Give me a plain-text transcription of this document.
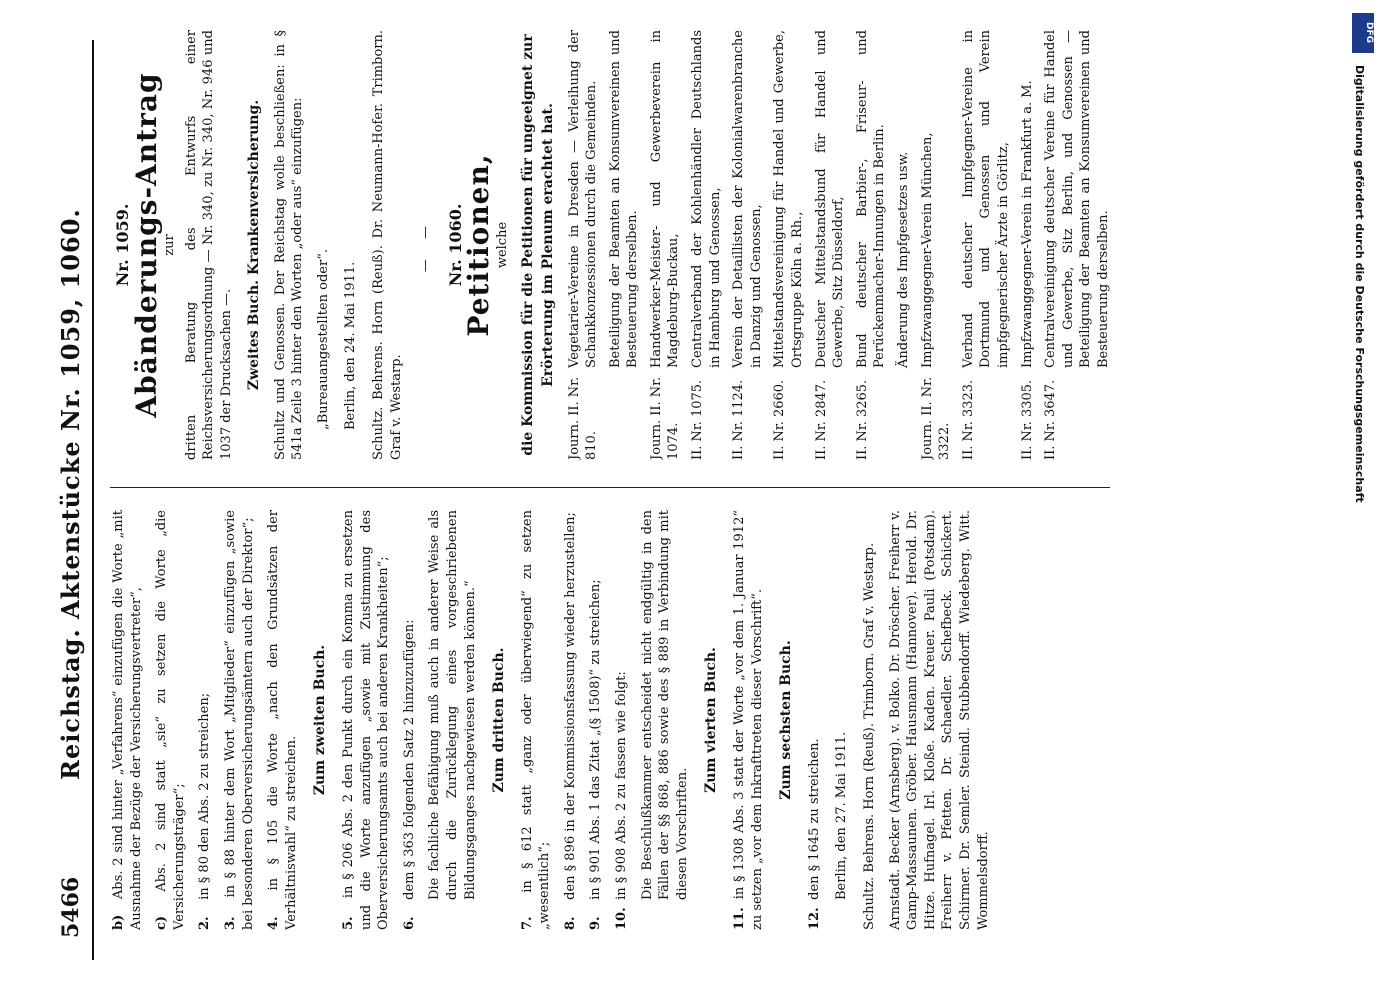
5466
Reichstag. Aktenstücke Nr. 1059, 1060.
b) Abs. 2 sind hinter „Verfahrens“ einzufügen die Worte „mit Ausnahme der Bezüge der Versicherungsvertreter“, c) Abs. 2 sind statt „sie“ zu setzen die Worte „die Versicherungsträger“; 2. in § 80 den Abs. 2 zu streichen;
3. in § 88 hinter dem Wort „Mitglieder“ einzufügen „sowie bei besonderen Oberversicherungsämtern auch der Direktor“; 4. in § 105 die Worte „nach den Grundsätzen der Verhältniswahl“ zu streichen.
Zum zweiten Buch.
5. in § 206 Abs. 2 den Punkt durch ein Komma zu ersetzen und die Worte anzufügen „sowie mit Zustimmung des Oberversicherungsamts auch bei anderen Krankheiten“; 6. dem § 363 folgenden Satz 2 hinzuzufügen: Die fachliche Befähigung muß auch in anderer Weise als durch die Zurücklegung eines vorgeschriebenen Bildungsganges nachgewiesen werden können.“ Zum dritten Buch.
7. in § 612 statt „ganz oder überwiegend“ zu setzen „wesentlich“; 8. den § 896 in der Kommissionsfassung wieder herzustellen;
9. in § 901 Abs. 1 das Zitat „(§ 1508)“ zu streichen;
10. in § 908 Abs. 2 zu fassen wie folgt: Die Beschlußkammer entscheidet nicht endgültig in den Fällen der §§ 868, 886 sowie des § 889 in Verbindung mit diesen Vorschriften.
Zum vierten Buch.
11. in § 1308 Abs. 3 statt der Worte „vor dem 1. Januar 1912“ zu setzen „vor dem Inkrafttreten dieser Vorschrift“. Zum sechsten Buch.
12. den § 1645 zu streichen. Berlin, den 27. Mai 1911. Schultz. Behrens. Horn (Reuß). Trimborn. Graf v. Westarp. Arnstadt. Becker (Arnsberg). v. Bolko. Dr. Dröscher. Freiherr v. Gamp-Massaunen. Gröber. Hausmann (Hannover). Herold. Dr. Hitze. Hufnagel. Irl. Kloße. Kaden. Kreuer. Pauli (Potsdam). Freiherr v. Pfetten. Dr. Schaedler. Schefbeck. Schickert. Schirmer. Dr. Semler. Steindl. Stubbendorff. Wiedeberg. Witt. Wommelsdorff.
Nr. 1059.
Abänderungs-Antrag zur dritten Beratung des Entwurfs einer Reichsversicherungsordnung — Nr. 340, zu Nr. 340, Nr. 946 und 1037 der Drucksachen —. Zweites Buch. Krankenversicherung. Schultz und Genossen. Der Reichstag wolle beschließen: in § 541a Zeile 3 hinter den Worten „oder aus“ einzufügen: „Bureauangestellten oder“. Berlin, den 24. Mai 1911. Schultz. Behrens. Horn (Reuß). Dr. Neumann-Hofer. Trimborn. Graf v. Westarp.
— — Nr. 1060.
Petitionen, welche die Kommission für die Petitionen für ungeeignet zur Erörterung im Plenum erachtet hat.
Journ. II. Nr. 810.
Vegetarier-Vereine in Dresden — Verleihung der Schankkonzessionen durch die Gemeinden. Beteiligung der Beamten an Konsumvereinen und Besteuerung derselben.
Journ. II. Nr. 1074.
Handwerker-Meister- und Gewerbeverein in Magdeburg-Buckau,
II. Nr. 1075.
Centralverband der Kohlenhändler Deutschlands in Hamburg und Genossen,
II. Nr. 1124.
Verein der Detaillisten der Kolonialwarenbranche in Danzig und Genossen,
II. Nr. 2660.
Mittelstandsvereinigung für Handel und Gewerbe, Ortsgruppe Köln a. Rh.,
II. Nr. 2847.
Deutscher Mittelstandsbund für Handel und Gewerbe, Sitz Düsseldorf,
II. Nr. 3265.
Bund deutscher Barbier-, Friseur- und Perückenmacher-Innungen in Berlin. Änderung des Impfgesetzes usw.
Journ. II. Nr. 3322.
Impfzwanggegner-Verein München,
II. Nr. 3323.
Verband deutscher Impfgegner-Vereine in Dortmund und Genossen und Verein impfgegnerischer Ärzte in Görlitz,
II. Nr. 3305.
Impfzwanggegner-Verein in Frankfurt a. M.
II. Nr. 3647.
Centralvereinigung deutscher Vereine für Handel und Gewerbe, Sitz Berlin, und Genossen — Beteiligung der Beamten an Konsumvereinen und Besteuerung derselben.
DFG
Digitalisierung gefördert durch die Deutsche Forschungsgemeinschaft
